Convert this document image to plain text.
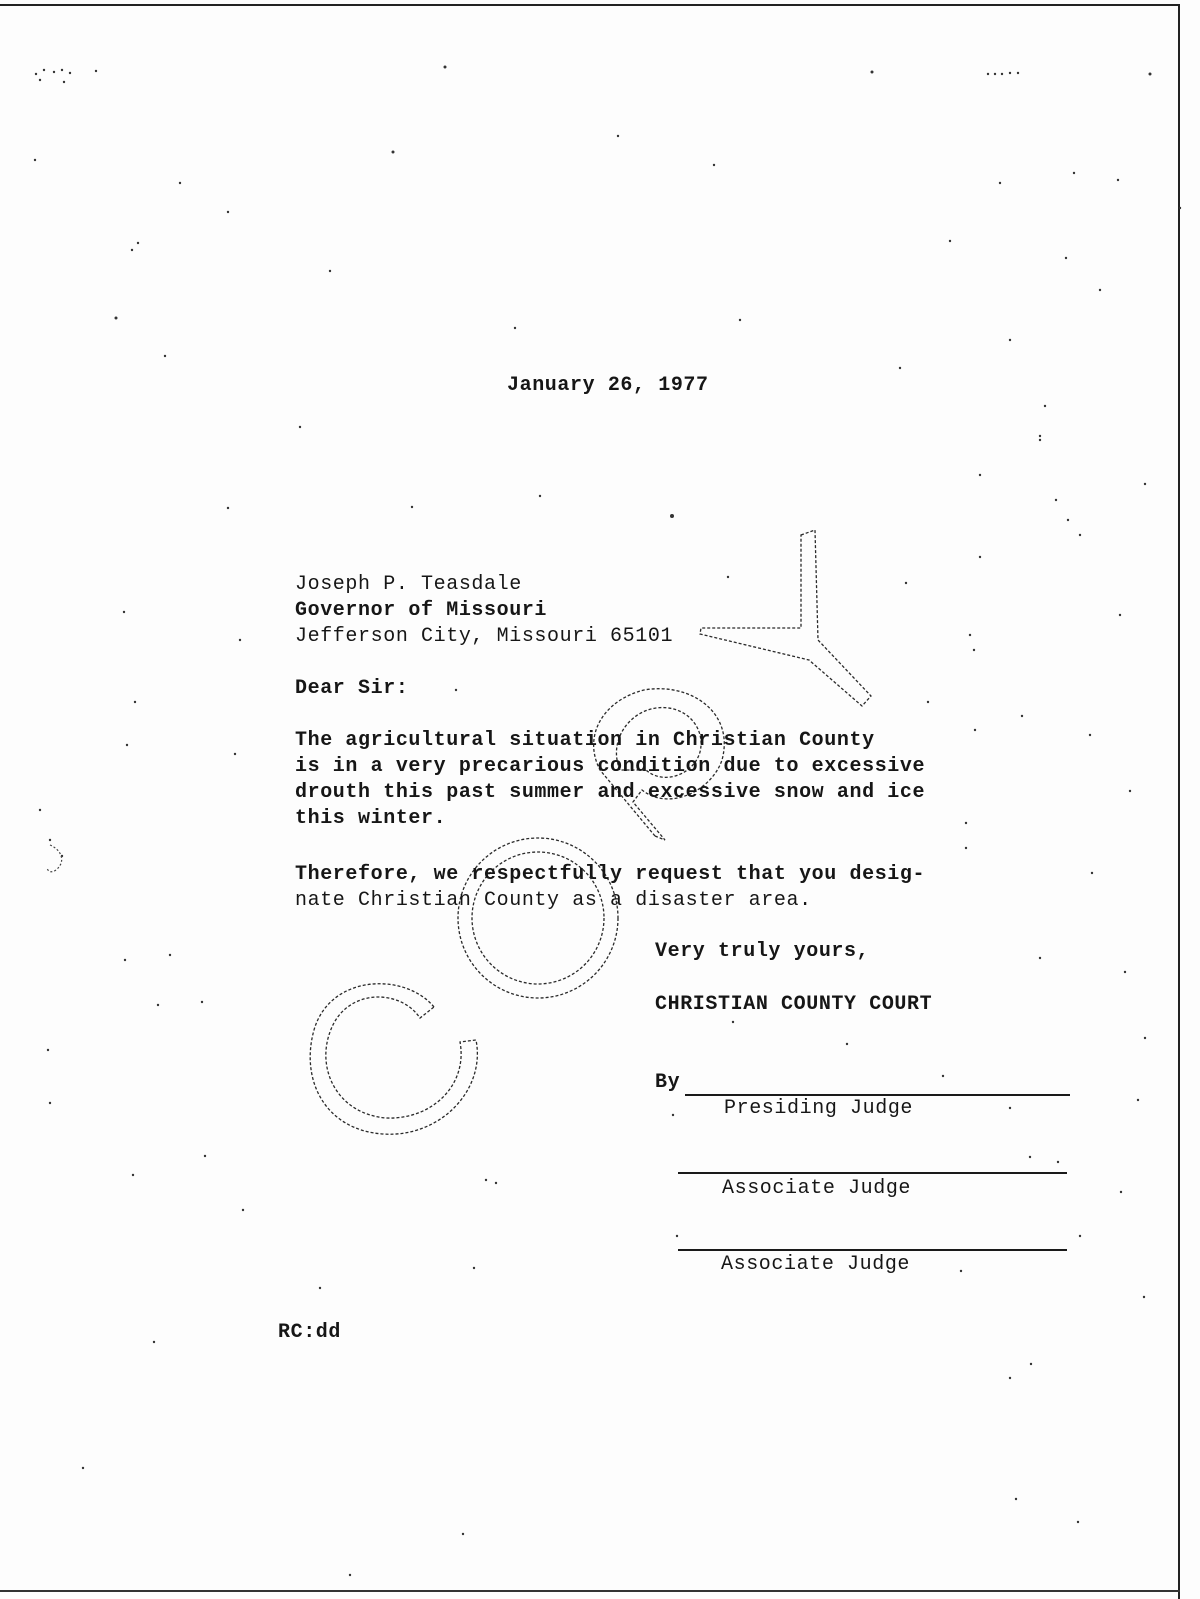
January 26, 1977
Joseph P. Teasdale
Governor of Missouri
Jefferson City, Missouri 65101
Dear Sir:
The agricultural situation in Christian County
is in a very precarious condition due to excessive
drouth this past summer and excessive snow and ice
this winter.
Therefore, we respectfully request that you desig-
nate Christian County as a disaster area.
Very truly yours,
CHRISTIAN COUNTY COURT
By
Presiding Judge
Associate Judge
Associate Judge
RC:dd
